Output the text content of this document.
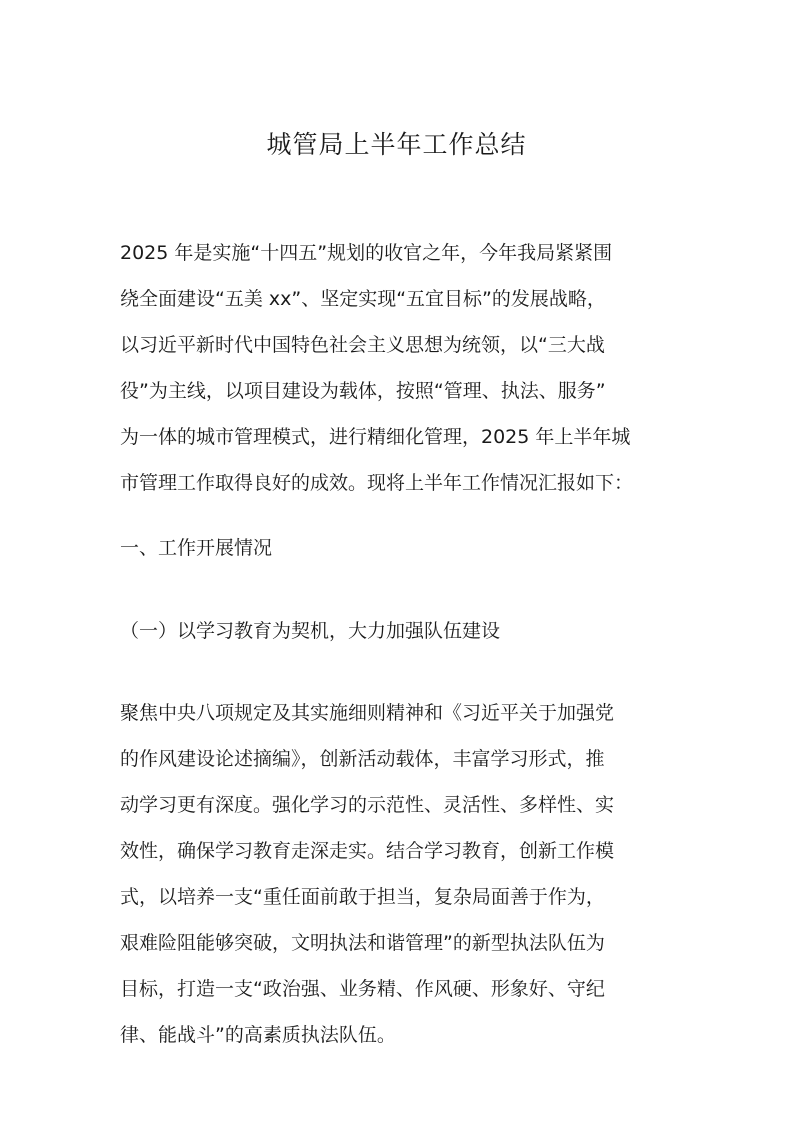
城管局上半年工作总结
2025 年是实施“十四五”规划的收官之年，今年我局紧紧围
绕全面建设“五美 xx”、坚定实现“五宜目标”的发展战略，
以习近平新时代中国特色社会主义思想为统领，以“三大战
役”为主线，以项目建设为载体，按照“管理、执法、服务”
为一体的城市管理模式，进行精细化管理，2025 年上半年城
市管理工作取得良好的成效。现将上半年工作情况汇报如下：
一、工作开展情况
（一）以学习教育为契机，大力加强队伍建设
聚焦中央八项规定及其实施细则精神和《习近平关于加强党
的作风建设论述摘编》，创新活动载体，丰富学习形式，推
动学习更有深度。强化学习的示范性、灵活性、多样性、实
效性，确保学习教育走深走实。结合学习教育，创新工作模
式，以培养一支“重任面前敢于担当，复杂局面善于作为，
艰难险阻能够突破，文明执法和谐管理”的新型执法队伍为
目标，打造一支“政治强、业务精、作风硬、形象好、守纪
律、能战斗”的高素质执法队伍。
